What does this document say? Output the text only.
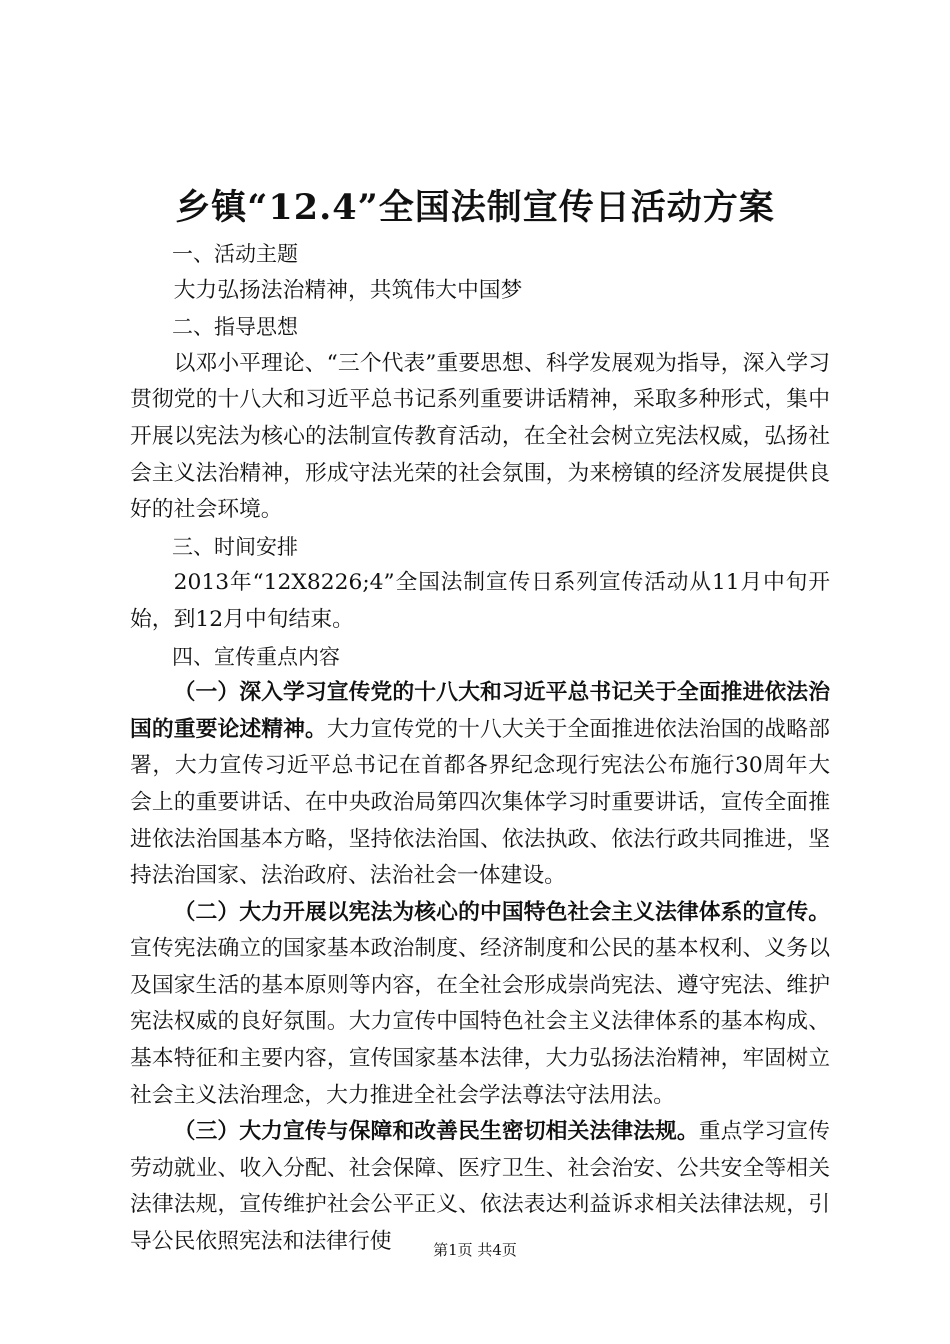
乡镇“12.4”全国法制宣传日活动方案

一、活动主题

大力弘扬法治精神，共筑伟大中国梦

二、指导思想

以邓小平理论、“三个代表”重要思想、科学发展观为指导，深入学习贯彻党的十八大和习近平总书记系列重要讲话精神，采取多种形式，集中开展以宪法为核心的法制宣传教育活动，在全社会树立宪法权威，弘扬社会主义法治精神，形成守法光荣的社会氛围，为来榜镇的经济发展提供良好的社会环境。

三、时间安排

2013年“12X8226;4”全国法制宣传日系列宣传活动从11月中旬开始，到12月中旬结束。

四、宣传重点内容

（一）深入学习宣传党的十八大和习近平总书记关于全面推进依法治国的重要论述精神。大力宣传党的十八大关于全面推进依法治国的战略部署，大力宣传习近平总书记在首都各界纪念现行宪法公布施行30周年大会上的重要讲话、在中央政治局第四次集体学习时重要讲话，宣传全面推进依法治国基本方略，坚持依法治国、依法执政、依法行政共同推进，坚持法治国家、法治政府、法治社会一体建设。

（二）大力开展以宪法为核心的中国特色社会主义法律体系的宣传。宣传宪法确立的国家基本政治制度、经济制度和公民的基本权利、义务以及国家生活的基本原则等内容，在全社会形成崇尚宪法、遵守宪法、维护宪法权威的良好氛围。大力宣传中国特色社会主义法律体系的基本构成、基本特征和主要内容，宣传国家基本法律，大力弘扬法治精神，牢固树立社会主义法治理念，大力推进全社会学法尊法守法用法。

（三）大力宣传与保障和改善民生密切相关法律法规。重点学习宣传劳动就业、收入分配、社会保障、医疗卫生、社会治安、公共安全等相关法律法规，宣传维护社会公平正义、依法表达利益诉求相关法律法规，引导公民依照宪法和法律行使	第1页 共4页
